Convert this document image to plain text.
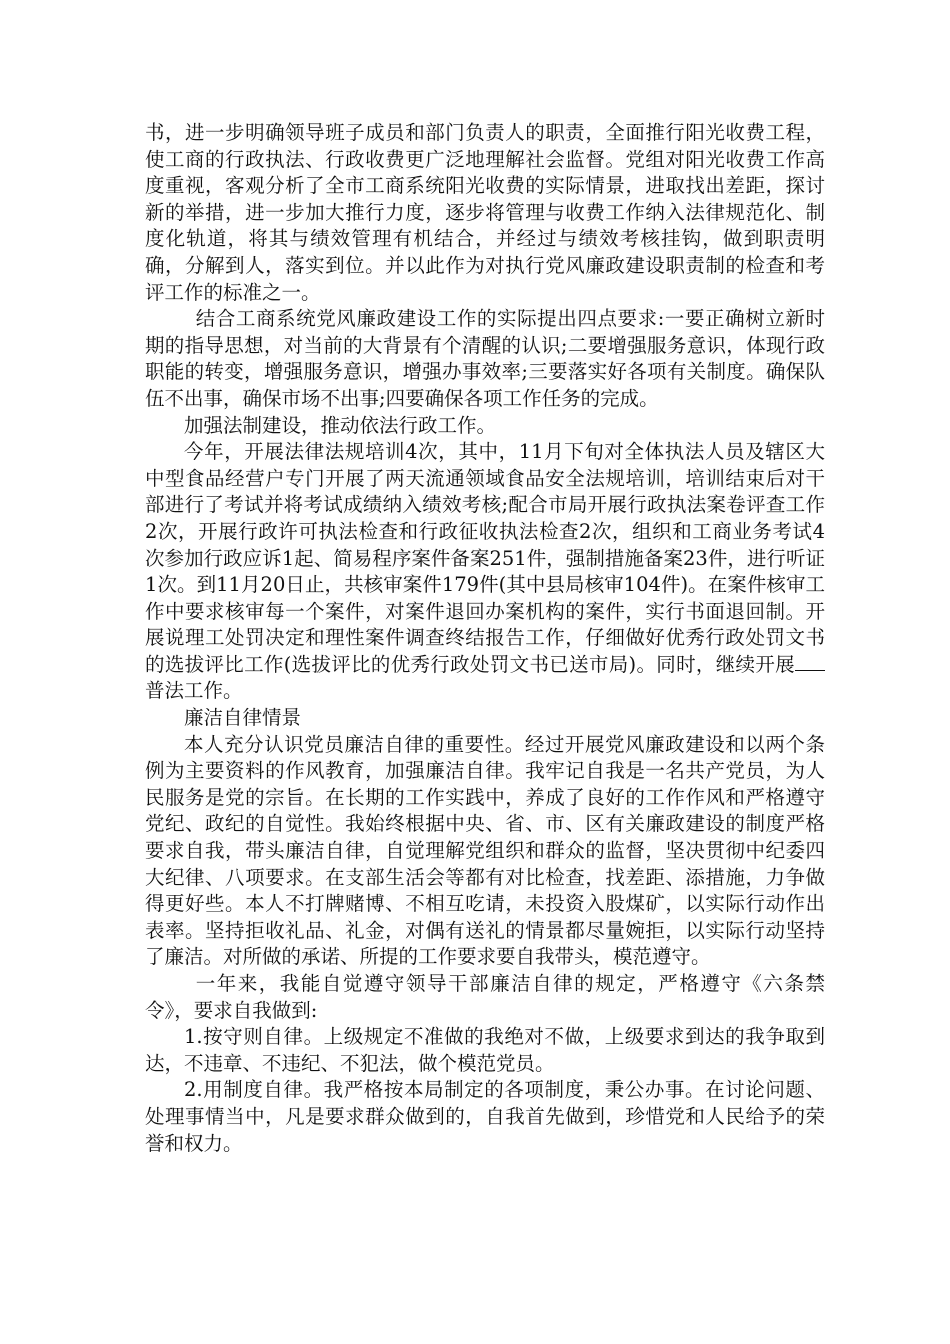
书，进一步明确领导班子成员和部门负责人的职责，全面推行阳光收费工程，使工商的行政执法、行政收费更广泛地理解社会监督。党组对阳光收费工作高度重视，客观分析了全市工商系统阳光收费的实际情景，进取找出差距，探讨新的举措，进一步加大推行力度，逐步将管理与收费工作纳入法律规范化、制度化轨道，将其与绩效管理有机结合，并经过与绩效考核挂钩，做到职责明确，分解到人，落实到位。并以此作为对执行党风廉政建设职责制的检查和考评工作的标准之一。

结合工商系统党风廉政建设工作的实际提出四点要求:一要正确树立新时期的指导思想，对当前的大背景有个清醒的认识;二要增强服务意识，体现行政职能的转变，增强服务意识，增强办事效率;三要落实好各项有关制度。确保队伍不出事，确保市场不出事;四要确保各项工作任务的完成。

加强法制建设，推动依法行政工作。

今年，开展法律法规培训4次，其中，11月下旬对全体执法人员及辖区大中型食品经营户专门开展了两天流通领域食品安全法规培训，培训结束后对干部进行了考试并将考试成绩纳入绩效考核;配合市局开展行政执法案卷评查工作2次，开展行政许可执法检查和行政征收执法检查2次，组织和工商业务考试4次参加行政应诉1起、简易程序案件备案251件，强制措施备案23件，进行听证1次。到11月20日止，共核审案件179件(其中县局核审104件)。在案件核审工作中要求核审每一个案件，对案件退回办案机构的案件，实行书面退回制。开展说理工处罚决定和理性案件调查终结报告工作，仔细做好优秀行政处罚文书的选拔评比工作(选拔评比的优秀行政处罚文书已送市局)。同时，继续开展普法工作。

廉洁自律情景

本人充分认识党员廉洁自律的重要性。经过开展党风廉政建设和以两个条例为主要资料的作风教育，加强廉洁自律。我牢记自我是一名共产党员，为人民服务是党的宗旨。在长期的工作实践中，养成了良好的工作作风和严格遵守党纪、政纪的自觉性。我始终根据中央、省、市、区有关廉政建设的制度严格要求自我，带头廉洁自律，自觉理解党组织和群众的监督，坚决贯彻中纪委四大纪律、八项要求。在支部生活会等都有对比检查，找差距、添措施，力争做得更好些。本人不打牌赌博、不相互吃请，未投资入股煤矿，以实际行动作出表率。坚持拒收礼品、礼金，对偶有送礼的情景都尽量婉拒，以实际行动坚持了廉洁。对所做的承诺、所提的工作要求要自我带头，模范遵守。

一年来，我能自觉遵守领导干部廉洁自律的规定，严格遵守《六条禁令》，要求自我做到:

1.按守则自律。上级规定不准做的我绝对不做，上级要求到达的我争取到达，不违章、不违纪、不犯法，做个模范党员。

2.用制度自律。我严格按本局制定的各项制度，秉公办事。在讨论问题、处理事情当中，凡是要求群众做到的，自我首先做到，珍惜党和人民给予的荣誉和权力。
